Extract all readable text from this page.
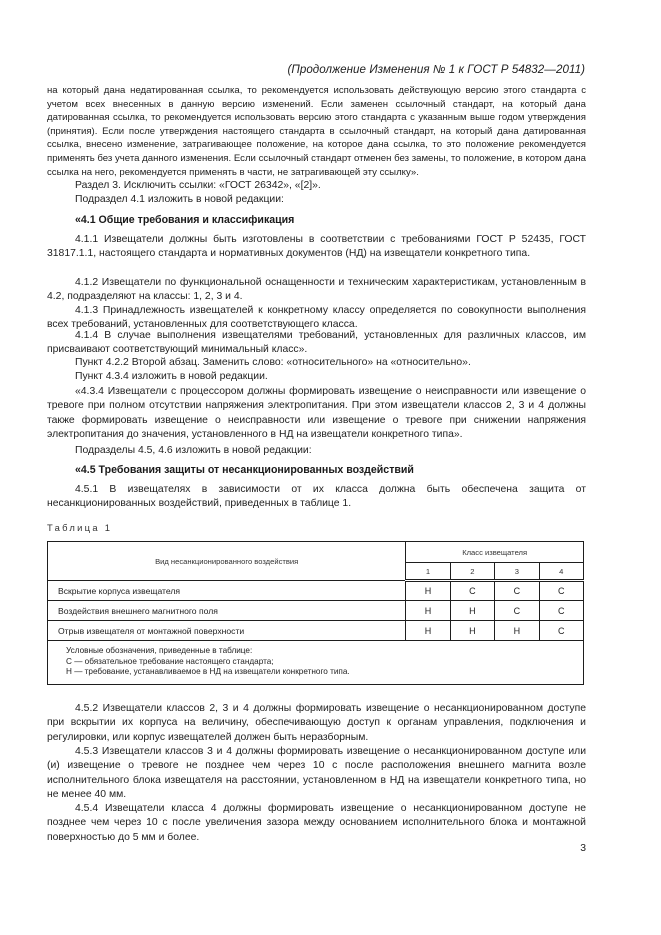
(Продолжение Изменения № 1 к ГОСТ Р 54832—2011)

на который дана недатированная ссылка, то рекомендуется использовать действующую версию этого стандарта с учетом всех внесенных в данную версию изменений. Если заменен ссылочный стандарт, на который дана датированная ссылка, то рекомендуется использовать версию этого стандарта с указанным выше годом утверждения (принятия). Если после утверждения настоящего стандарта в ссылочный стандарт, на который дана датированная ссылка, внесено изменение, затрагивающее положение, на которое дана ссылка, то это положение рекомендуется применять без учета данного изменения. Если ссылочный стандарт отменен без замены, то положение, в котором дана ссылка на него, рекомендуется применять в части, не затрагивающей эту ссылку».

Раздел 3. Исключить ссылки: «ГОСТ 26342», «[2]».

Подраздел 4.1 изложить в новой редакции:

«4.1 Общие требования и классификация

4.1.1 Извещатели должны быть изготовлены в соответствии с требованиями ГОСТ Р 52435, ГОСТ 31817.1.1, настоящего стандарта и нормативных документов (НД) на извещатели конкретного типа.

4.1.2 Извещатели по функциональной оснащенности и техническим характеристикам, установленным в 4.2, подразделяют на классы: 1, 2, 3 и 4.

4.1.3 Принадлежность извещателей к конкретному классу определяется по совокупности выполнения всех требований, установленных для соответствующего класса.

4.1.4 В случае выполнения извещателями требований, установленных для различных классов, им присваивают соответствующий минимальный класс».

Пункт 4.2.2 Второй абзац. Заменить слово: «относительного» на «относительно».

Пункт 4.3.4 изложить в новой редакции.

«4.3.4 Извещатели с процессором должны формировать извещение о неисправности или извещение о тревоге при полном отсутствии напряжения электропитания. При этом извещатели классов 2, 3 и 4 должны также формировать извещение о неисправности или извещение о тревоге при снижении напряжения электропитания до значения, установленного в НД на извещатели конкретного типа».

Подразделы 4.5, 4.6 изложить в новой редакции:

«4.5 Требования защиты от несанкционированных воздействий

4.5.1 В извещателях в зависимости от их класса должна быть обеспечена защита от несанкционированных воздействий, приведенных в таблице 1.

Таблица 1
Вид несанкционированного воздействия	Класс извещателя			
	1	2	3	4
Вскрытие корпуса извещателя	Н	С	С	С
Воздействия внешнего магнитного поля	Н	Н	С	С
Отрыв извещателя от монтажной поверхности	Н	Н	Н	С

Условные обозначения, приведенные в таблице:
С — обязательное требование настоящего стандарта;
Н — требование, устанавливаемое в НД на извещатели конкретного типа.				

4.5.2 Извещатели классов 2, 3 и 4 должны формировать извещение о несанкционированном доступе при вскрытии их корпуса на величину, обеспечивающую доступ к органам управления, подключения и регулировки, или корпус извещателей должен быть неразборным.

4.5.3 Извещатели классов 3 и 4 должны формировать извещение о несанкционированном доступе или (и) извещение о тревоге не позднее чем через 10 с после расположения внешнего магнита возле исполнительного блока извещателя на расстоянии, установленном в НД на извещатели конкретного типа, но не менее 40 мм.

4.5.4 Извещатели класса 4 должны формировать извещение о несанкционированном доступе не позднее чем через 10 с после увеличения зазора между основанием исполнительного блока и монтажной поверхностью до 5 мм и более.

3
